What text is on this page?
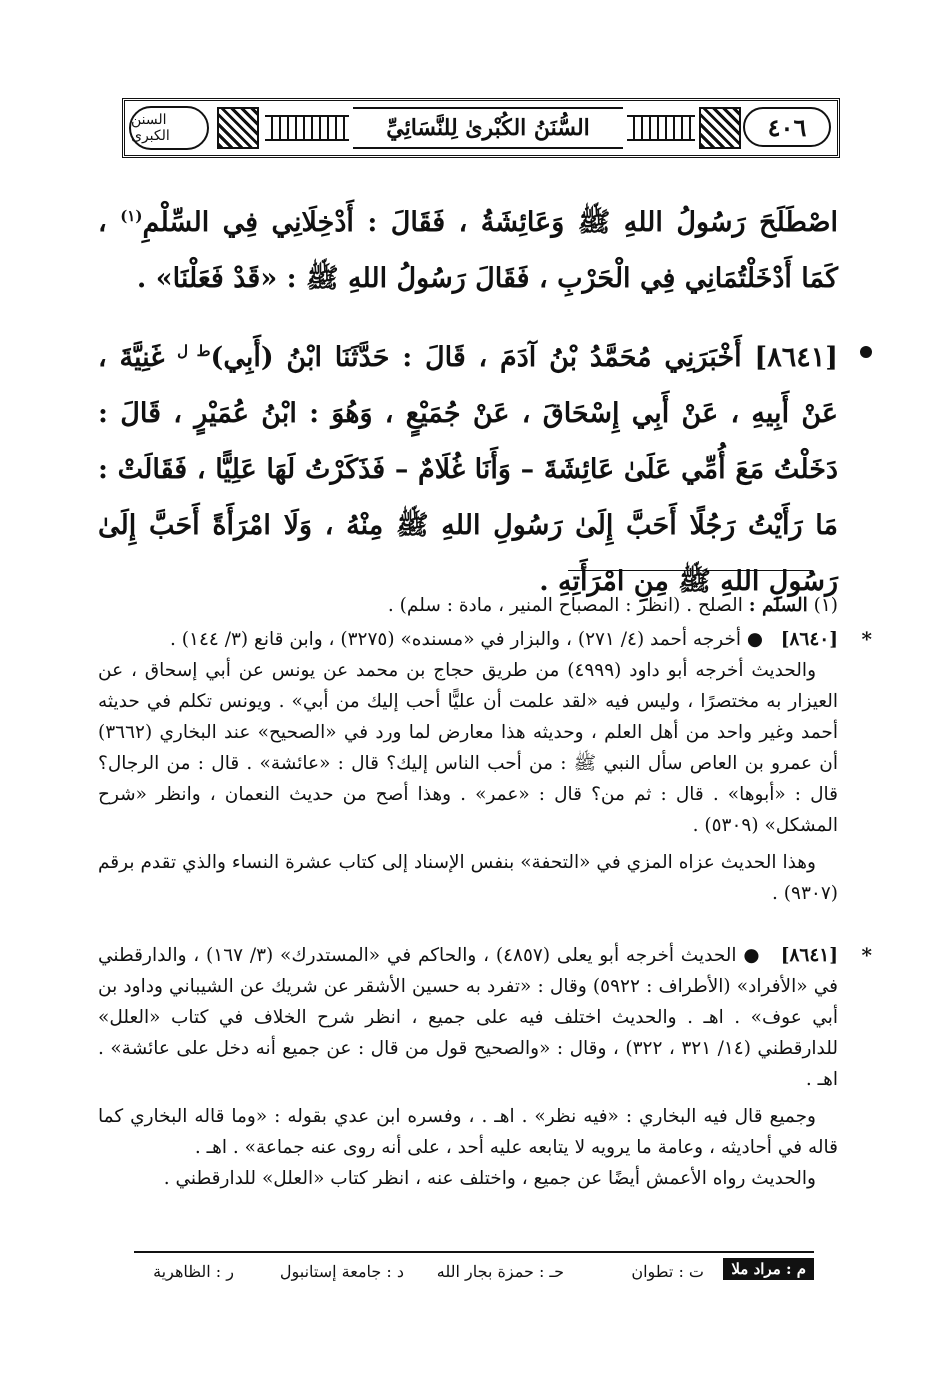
السنن الكبرى	السُّنَنُ الكُبْرىٰ لِلنَّسَائِيِّ	٤٠٦
اصْطَلَحَ رَسُولُ اللهِ ﷺ وَعَائِشَةُ ، فَقَالَ : أَدْخِلَانِي فِي السِّلْمِ$^{(١)}$ ، كَمَا أَدْخَلْتُمَانِي فِي الْحَرْبِ ، فَقَالَ رَسُولُ اللهِ ﷺ : «قَدْ فَعَلْنَا» .
[٨٦٤١] أَخْبَرَنِي مُحَمَّدُ بْنُ آدَمَ ، قَالَ : حَدَّثَنَا ابْنُ (أَبِي)$^{ط ل}$ غَنِيَّةَ ، عَنْ أَبِيهِ ، عَنْ أَبِي إِسْحَاقَ ، عَنْ جُمَيْعٍ ، وَهُوَ : ابْنُ عُمَيْرٍ ، قَالَ : دَخَلْتُ مَعَ أُمِّي عَلَىٰ عَائِشَةَ – وَأَنَا غُلَامٌ – فَذَكَرْتُ لَهَا عَلِيًّا ، فَقَالَتْ : مَا رَأَيْتُ رَجُلًا أَحَبَّ إِلَىٰ رَسُولِ اللهِ ﷺ مِنْهُ ، وَلَا امْرَأَةً أَحَبَّ إِلَىٰ رَسُولِ اللهِ ﷺ مِنِ امْرَأَتِهِ .
(١) السلم : الصلح . (انظر : المصباح المنير ، مادة : سلم) .
*

[٨٦٤٠]   ● أخرجه أحمد (٤/ ٢٧١) ، والبزار في «مسنده» (٣٢٧٥) ، وابن قانع (٣/ ١٤٤) .

والحديث أخرجه أبو داود (٤٩٩٩) من طريق حجاج بن محمد عن يونس عن أبي إسحاق ، عن العيزار به مختصرًا ، وليس فيه «لقد علمت أن عليًّا أحب إليك من أبي» . ويونس تكلم في حديثه أحمد وغير واحد من أهل العلم ، وحديثه هذا معارض لما ورد في «الصحيح» عند البخاري (٣٦٦٢) أن عمرو بن العاص سأل النبي ﷺ : من أحب الناس إليك؟ قال : «عائشة» . قال : من الرجال؟ قال : «أبوها» . قال : ثم من؟ قال : «عمر» . وهذا أصح من حديث النعمان ، وانظر «شرح المشكل» (٥٣٠٩) .

وهذا الحديث عزاه المزي في «التحفة» بنفس الإسناد إلى كتاب عشرة النساء والذي تقدم برقم (٩٣٠٧) .

*

[٨٦٤١]   ● الحديث أخرجه أبو يعلى (٤٨٥٧) ، والحاكم في «المستدرك» (٣/ ١٦٧) ، والدارقطني في «الأفراد» (الأطراف : ٥٩٢٢) وقال : «تفرد به حسين الأشقر عن شريك عن الشيباني وداود بن أبي عوف» . اهـ . والحديث اختلف فيه على جميع ، انظر شرح الخلاف في كتاب «العلل» للدارقطني (١٤/ ٣٢١ ، ٣٢٢) ، وقال : «والصحيح قول من قال : عن جميع أنه دخل على عائشة» . اهـ .

وجميع قال فيه البخاري : «فيه نظر» . اهـ . ، وفسره ابن عدي بقوله : «وما قاله البخاري كما قاله في أحاديثه ، وعامة ما يرويه لا يتابعه عليه أحد ، على أنه روى عنه جماعة» . اهـ .

والحديث رواه الأعمش أيضًا عن جميع ، واختلف عنه ، انظر كتاب «العلل» للدارقطني .

م : مراد ملا
ت : تطوان
حـ : حمزة بجار الله
د : جامعة إستانبول
ر : الظاهرية
